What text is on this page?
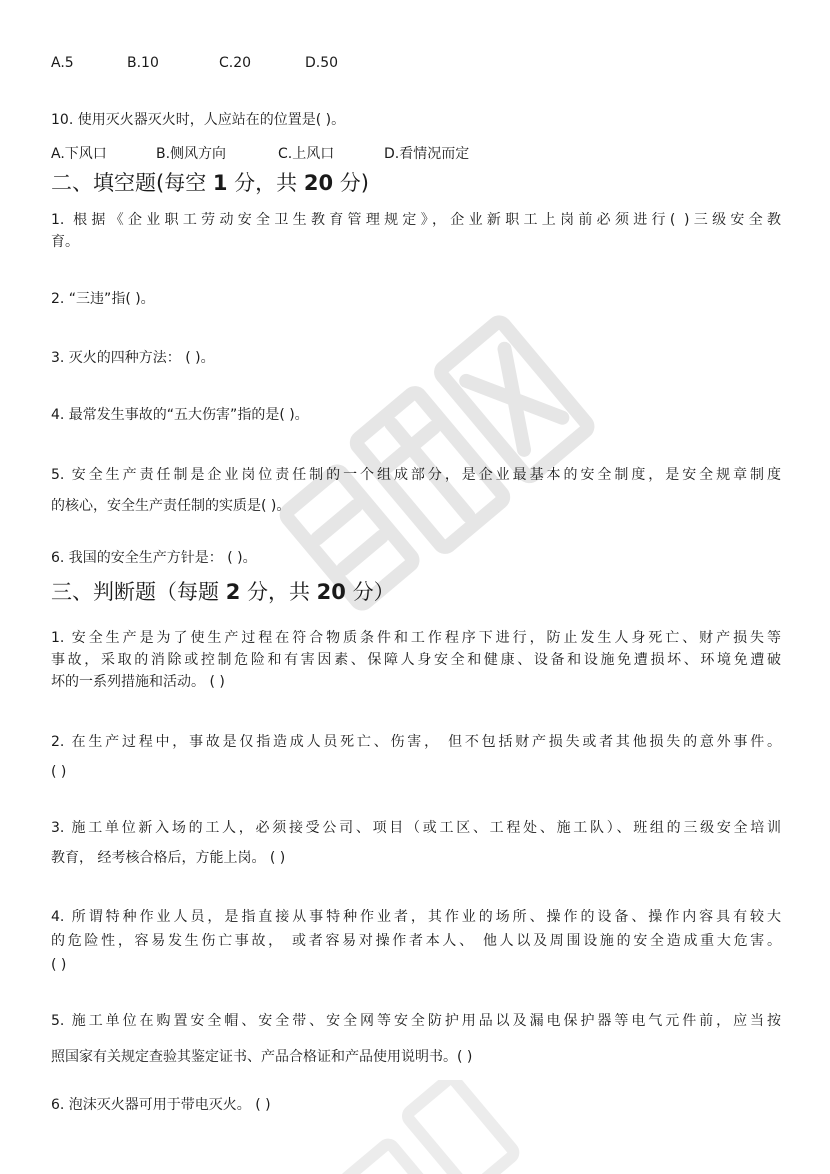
A.5	B.10	C.20	D.50
10. 使用灭火器灭火时，人应站在的位置是( )。
A.下风口	B.侧风方向	C.上风口	D.看情况而定
二、填空题(每空 1 分，共 20 分)
1. 根据《企业职工劳动安全卫生教育管理规定》，企业新职工上岗前必须进行( )三级安全教
育。
2. “三违”指( )。
3. 灭火的四种方法： ( )。
4. 最常发生事故的“五大伤害”指的是( )。
5. 安全生产责任制是企业岗位责任制的一个组成部分，是企业最基本的安全制度，是安全规章制度
的核心，安全生产责任制的实质是( )。
6. 我国的安全生产方针是： ( )。
三、判断题（每题 2 分，共 20 分）
1. 安全生产是为了使生产过程在符合物质条件和工作程序下进行，防止发生人身死亡、财产损失等
事故，采取的消除或控制危险和有害因素、保障人身安全和健康、设备和设施免遭损坏、环境免遭破
坏的一系列措施和活动。 ( )
2. 在生产过程中，事故是仅指造成人员死亡、伤害， 但不包括财产损失或者其他损失的意外事件。
( )
3. 施工单位新入场的工人，必须接受公司、项目（或工区、工程处、施工队）、班组的三级安全培训
教育， 经考核合格后，方能上岗。 ( )
4. 所谓特种作业人员，是指直接从事特种作业者，其作业的场所、操作的设备、操作内容具有较大
的危险性，容易发生伤亡事故， 或者容易对操作者本人、 他人以及周围设施的安全造成重大危害。
( )
5. 施工单位在购置安全帽、安全带、安全网等安全防护用品以及漏电保护器等电气元件前，应当按
照国家有关规定查验其鉴定证书、产品合格证和产品使用说明书。( )
6. 泡沫灭火器可用于带电灭火。 ( )
